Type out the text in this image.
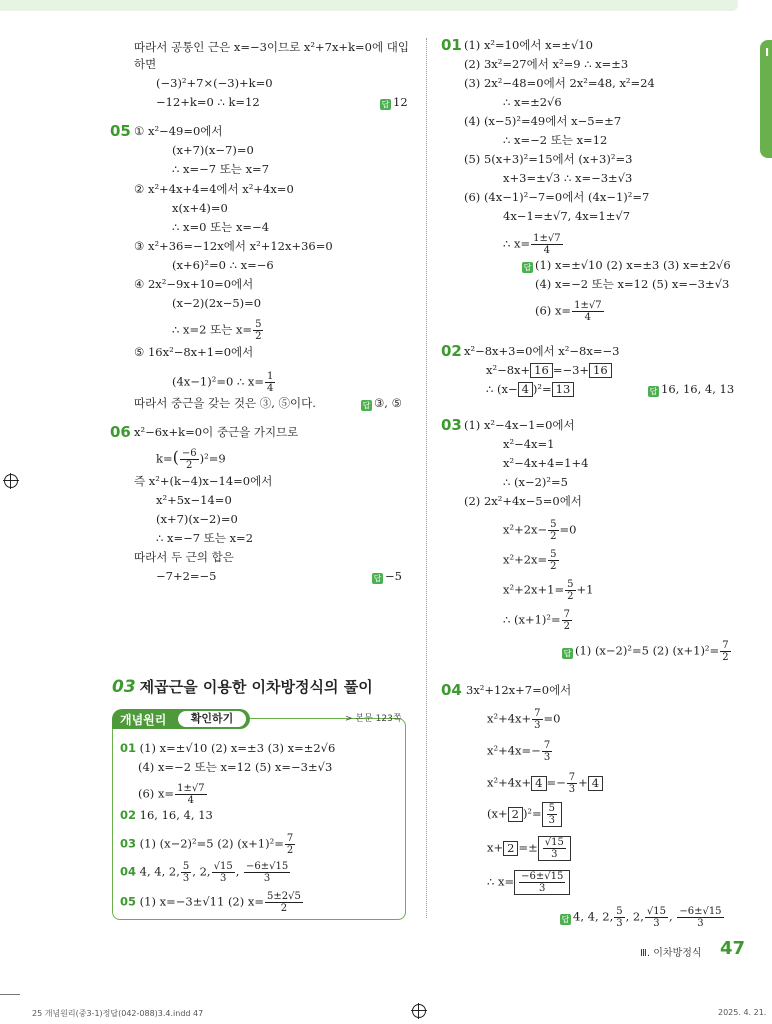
I
따라서 공통인 근은 x=−3이므로 x²+7x+k=0에 대입
하면
(−3)²+7×(−3)+k=0
−12+k=0 ∴ k=12	답 12
05 ① x²−49=0에서
(x+7)(x−7)=0
∴ x=−7 또는 x=7
② x²+4x+4=4에서 x²+4x=0
x(x+4)=0
∴ x=0 또는 x=−4
③ x²+36=−12x에서 x²+12x+36=0
(x+6)²=0 ∴ x=−6
④ 2x²−9x+10=0에서
(x−2)(2x−5)=0
∴ x=2 또는 $x= \frac{5}{2}$
⑤ 16x²−8x+1=0에서
(4x−1)²=0 ∴ $x= \frac{1}{4}$
따라서 중근을 갖는 것은 ③, ⑤이다.	답 ③, ⑤
06 x²−6x+k=0이 중근을 가지므로
$k=( \frac{-6}{2} )^2=9$
즉 x²+(k−4)x−14=0에서
x²+5x−14=0
(x+7)(x−2)=0
∴ x=−7 또는 x=2
따라서 두 근의 합은
−7+2=−5	답 −5
03 제곱근을 이용한 이차방정식의 풀이
개념원리	확인하기	> 본문 123쪽
01 (1) x=±√10 (2) x=±3 (3) x=±2√6
(4) x=−2 또는 x=12 (5) x=−3±√3
(6) $x= \frac{1\pm√7}{4}$
02 16, 16, 4, 13
03 (1) (x−2)²=5 (2) $(x+1)^2= \frac{7}{2}$
04 4, 4, 2, $\frac{5}{3}$ , 2, $\frac{√15}{3}$ , $\frac{-6\pm√15}{3}$
05 (1) x=−3±√11 (2) $x= \frac{5\pm 2√5}{2}$
01 (1) x²=10에서 x=±√10
(2) 3x²=27에서 x²=9 ∴ x=±3
(3) 2x²−48=0에서 2x²=48, x²=24
∴ x=±2√6
(4) (x−5)²=49에서 x−5=±7
∴ x=−2 또는 x=12
(5) 5(x+3)²=15에서 (x+3)²=3
x+3=±√3 ∴ x=−3±√3
(6) (4x−1)²−7=0에서 (4x−1)²=7
4x−1=±√7, 4x=1±√7
∴ $x= \frac{1\pm√7}{4}$
답 (1) x=±√10 (2) x=±3 (3) x=±2√6
(4) x=−2 또는 x=12 (5) x=−3±√3
(6) $x= \frac{1\pm√7}{4}$
02 x²−8x+3=0에서 x²−8x=−3
x²−8x+ 16 =−3+ 16
∴ (x− 4 )²= 13	답 16, 16, 4, 13
03 (1) x²−4x−1=0에서
x²−4x=1
x²−4x+4=1+4
∴ (x−2)²=5
(2) 2x²+4x−5=0에서
$x^2+2x- \frac{5}{2} =0$
$x^2+2x= \frac{5}{2}$
$x^2+2x+1= \frac{5}{2} +1$
∴ $(x+1)^2= \frac{7}{2}$
답 (1) (x−2)²=5 (2) $(x+1)^2= \frac{7}{2}$
04 3x²+12x+7=0에서
$x^2+4x+ \frac{7}{3} =0$
$x^2+4x=- \frac{7}{3}$
$x^2+4x+ 4 =- \frac{7}{3} + 4$
(x+ 2 )$^2= \frac{5}{3}$
$x+ 2 =\pm \frac{√15}{3}$
∴ $x= \frac{-6\pm√15}{3}$
답 4, 4, 2, $\frac{5}{3}$ , 2, $\frac{√15}{3}$ , $\frac{-6\pm√15}{3}$
Ⅲ. 이차방정식 47
25 개념원리(중3-1)정답(042-088)3.4.indd 47	2025. 4. 21.
